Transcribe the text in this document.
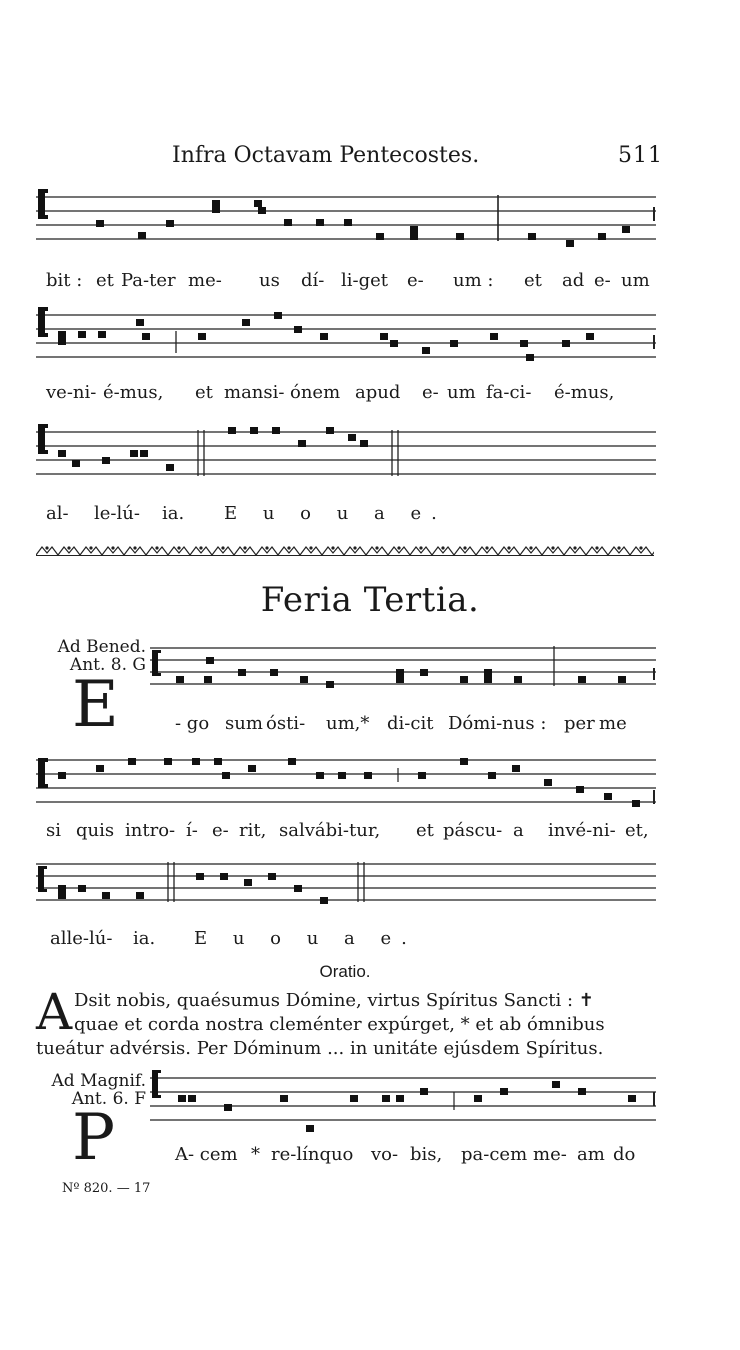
Infra Octavam Pentecostes.	511
bit : et Pa-ter me- us dí- li-get e- um : et ad e- um
ve-ni- é-mus, et mansi- ónem apud e- um fa-ci- é-mus,
al- le-lú- ia. E u o u a e.
Feria Tertia.
Ad Bened.
Ant. 8. G
E	- go sum ósti- um,* di-cit Dómi-nus : per me
si quis intro- í- e- rit, salvábi-tur, et páscu- a invé-ni- et,
alle-lú- ia. E u o u a e.
Oratio.
A Dsit nobis, quaésumus Dómine, virtus Spíritus Sancti : ✝
quae et corda nostra cleménter expúrget, * et ab ómnibus
tueátur advérsis. Per Dóminum ... in unitáte ejúsdem Spíritus.
Ad Magnif.
Ant. 6. F
P	A- cem * re-línquo vo- bis, pa-cem me- am do
Nº 820. — 17
